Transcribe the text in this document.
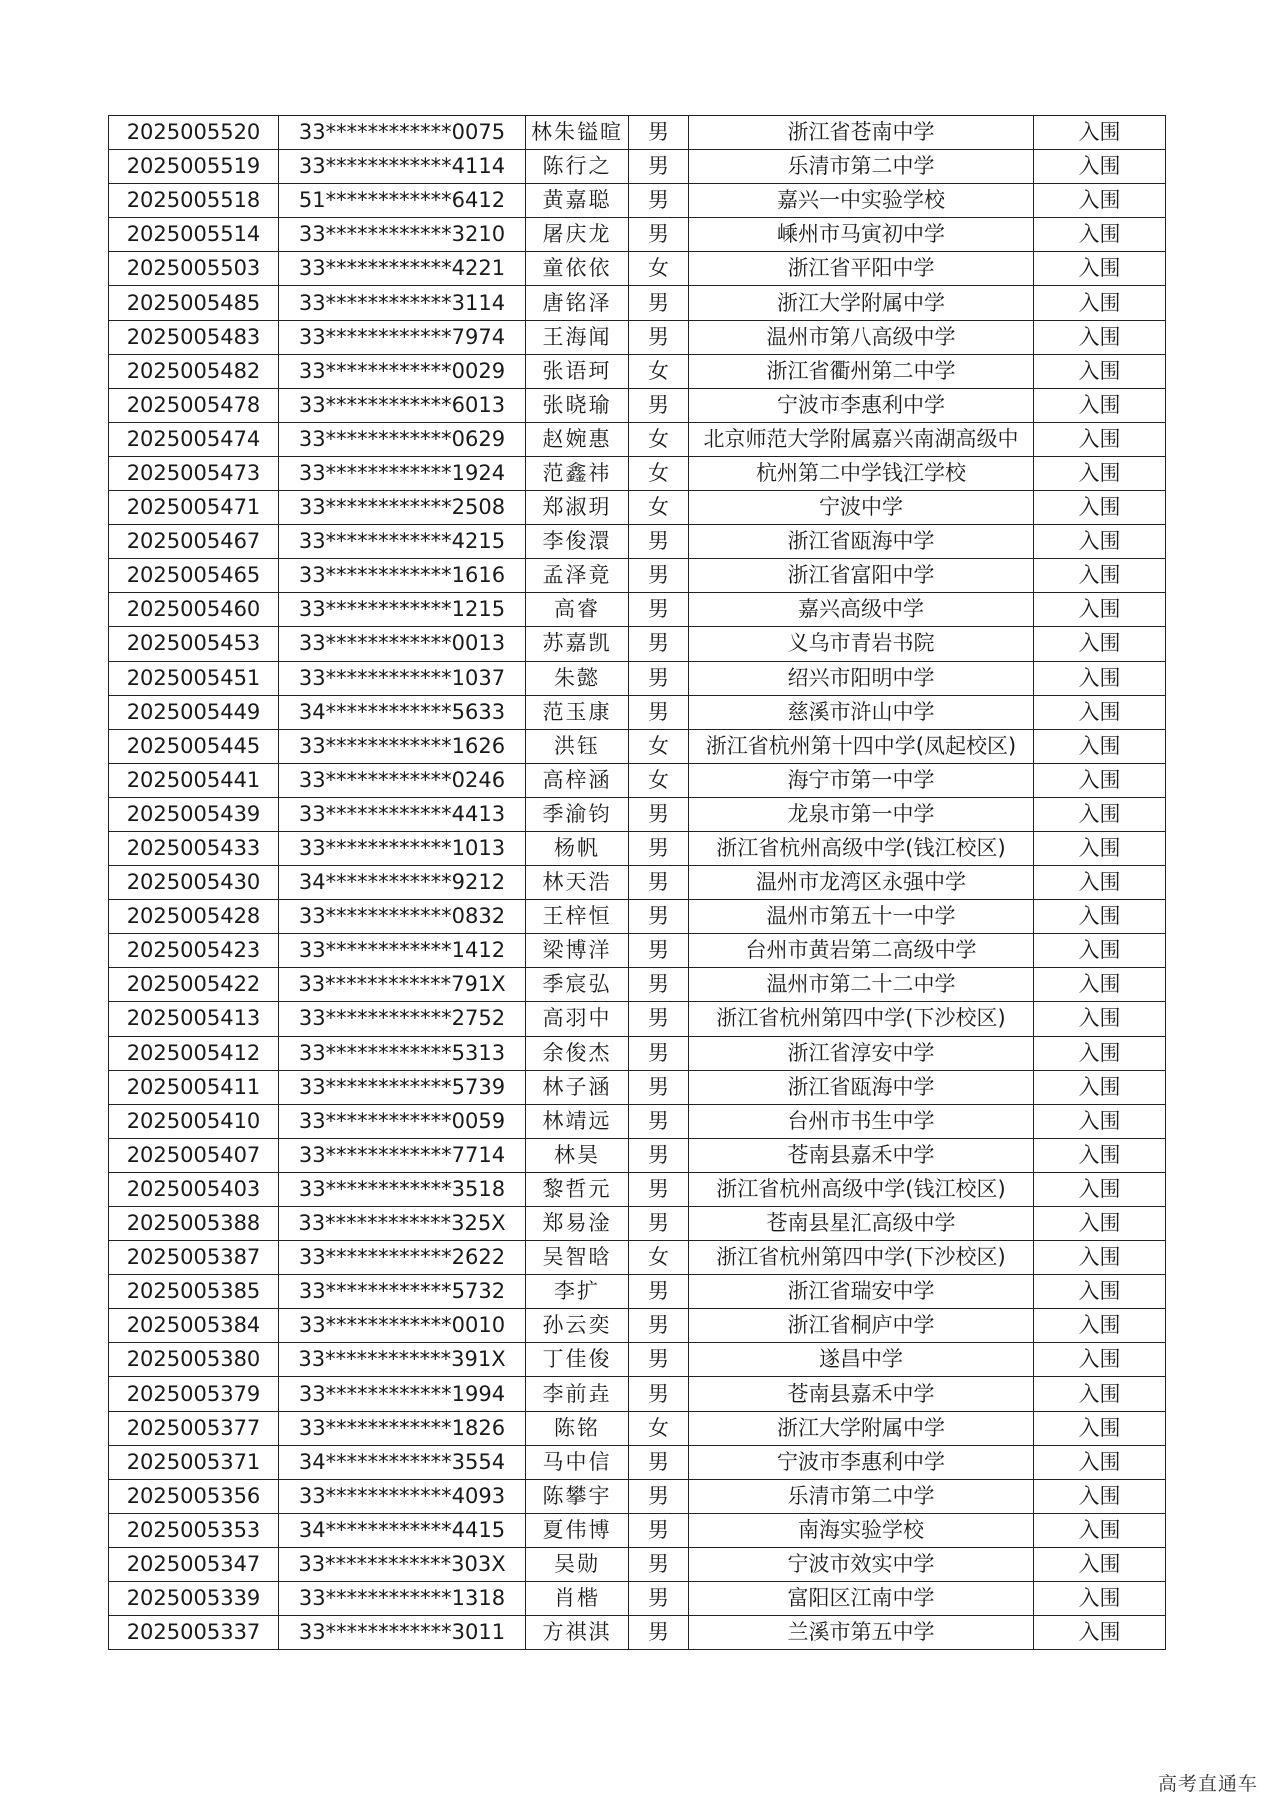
2025005520	33************0075	林朱镒暄	男	浙江省苍南中学	入围
2025005519	33************4114	陈行之	男	乐清市第二中学	入围
2025005518	51************6412	黄嘉聪	男	嘉兴一中实验学校	入围
2025005514	33************3210	屠庆龙	男	嵊州市马寅初中学	入围
2025005503	33************4221	童依依	女	浙江省平阳中学	入围
2025005485	33************3114	唐铭泽	男	浙江大学附属中学	入围
2025005483	33************7974	王海闻	男	温州市第八高级中学	入围
2025005482	33************0029	张语珂	女	浙江省衢州第二中学	入围
2025005478	33************6013	张晓瑜	男	宁波市李惠利中学	入围
2025005474	33************0629	赵婉惠	女	北京师范大学附属嘉兴南湖高级中	入围
2025005473	33************1924	范鑫祎	女	杭州第二中学钱江学校	入围
2025005471	33************2508	郑淑玥	女	宁波中学	入围
2025005467	33************4215	李俊澴	男	浙江省瓯海中学	入围
2025005465	33************1616	孟泽竟	男	浙江省富阳中学	入围
2025005460	33************1215	高睿	男	嘉兴高级中学	入围
2025005453	33************0013	苏嘉凯	男	义乌市青岩书院	入围
2025005451	33************1037	朱懿	男	绍兴市阳明中学	入围
2025005449	34************5633	范玉康	男	慈溪市浒山中学	入围
2025005445	33************1626	洪钰	女	浙江省杭州第十四中学(凤起校区)	入围
2025005441	33************0246	高梓涵	女	海宁市第一中学	入围
2025005439	33************4413	季渝钧	男	龙泉市第一中学	入围
2025005433	33************1013	杨帆	男	浙江省杭州高级中学(钱江校区)	入围
2025005430	34************9212	林天浩	男	温州市龙湾区永强中学	入围
2025005428	33************0832	王梓恒	男	温州市第五十一中学	入围
2025005423	33************1412	梁博洋	男	台州市黄岩第二高级中学	入围
2025005422	33************791X	季宸弘	男	温州市第二十二中学	入围
2025005413	33************2752	高羽中	男	浙江省杭州第四中学(下沙校区)	入围
2025005412	33************5313	余俊杰	男	浙江省淳安中学	入围
2025005411	33************5739	林子涵	男	浙江省瓯海中学	入围
2025005410	33************0059	林靖远	男	台州市书生中学	入围
2025005407	33************7714	林昊	男	苍南县嘉禾中学	入围
2025005403	33************3518	黎哲元	男	浙江省杭州高级中学(钱江校区)	入围
2025005388	33************325X	郑易淦	男	苍南县星汇高级中学	入围
2025005387	33************2622	吴智晗	女	浙江省杭州第四中学(下沙校区)	入围
2025005385	33************5732	李扩	男	浙江省瑞安中学	入围
2025005384	33************0010	孙云奕	男	浙江省桐庐中学	入围
2025005380	33************391X	丁佳俊	男	遂昌中学	入围
2025005379	33************1994	李前垚	男	苍南县嘉禾中学	入围
2025005377	33************1826	陈铭	女	浙江大学附属中学	入围
2025005371	34************3554	马中信	男	宁波市李惠利中学	入围
2025005356	33************4093	陈攀宇	男	乐清市第二中学	入围
2025005353	34************4415	夏伟博	男	南海实验学校	入围
2025005347	33************303X	吴勋	男	宁波市效实中学	入围
2025005339	33************1318	肖楷	男	富阳区江南中学	入围
2025005337	33************3011	方祺淇	男	兰溪市第五中学	入围
高考直通车
